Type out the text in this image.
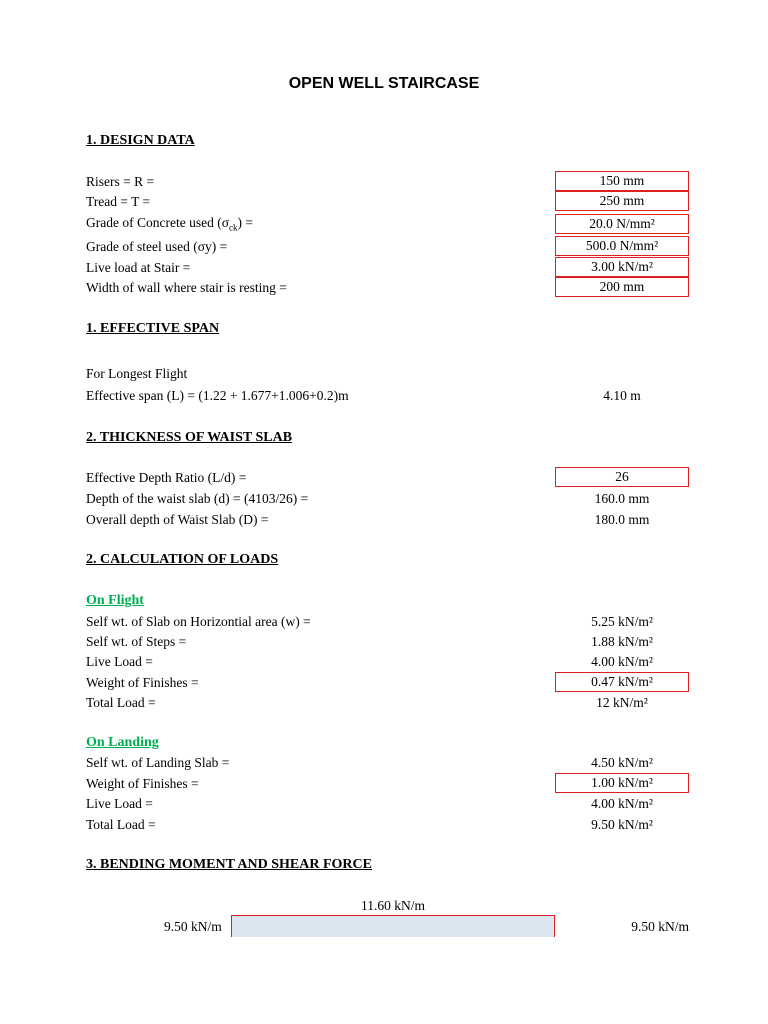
OPEN WELL STAIRCASE
1. DESIGN DATA
Risers = R =	150 mm
Tread = T =	250 mm
Grade of Concrete used $(\sigma_{ck})$ =	20.0 N/mm²
Grade of steel used (σy) =	500.0 N/mm²
Live load at Stair =	3.00 kN/m²
Width of wall where stair is resting =	200 mm
1. EFFECTIVE SPAN
For Longest Flight
Effective span (L) = (1.22 + 1.677+1.006+0.2)m	4.10 m
2. THICKNESS OF WAIST SLAB
Effective Depth Ratio (L/d) =	26
Depth of the waist slab (d) = (4103/26) =	160.0 mm
Overall depth of Waist Slab (D) =	180.0 mm
2. CALCULATION OF LOADS
On Flight
Self wt. of Slab on Horizontial area (w) =	5.25 kN/m²
Self wt. of Steps =	1.88 kN/m²
Live Load =	4.00 kN/m²
Weight of Finishes =	0.47 kN/m²
Total Load =	12 kN/m²
On Landing
Self wt. of Landing Slab =	4.50 kN/m²
Weight of Finishes =	1.00 kN/m²
Live Load =	4.00 kN/m²
Total Load =	9.50 kN/m²
3. BENDING MOMENT AND SHEAR FORCE
11.60 kN/m
9.50 kN/m	9.50 kN/m
